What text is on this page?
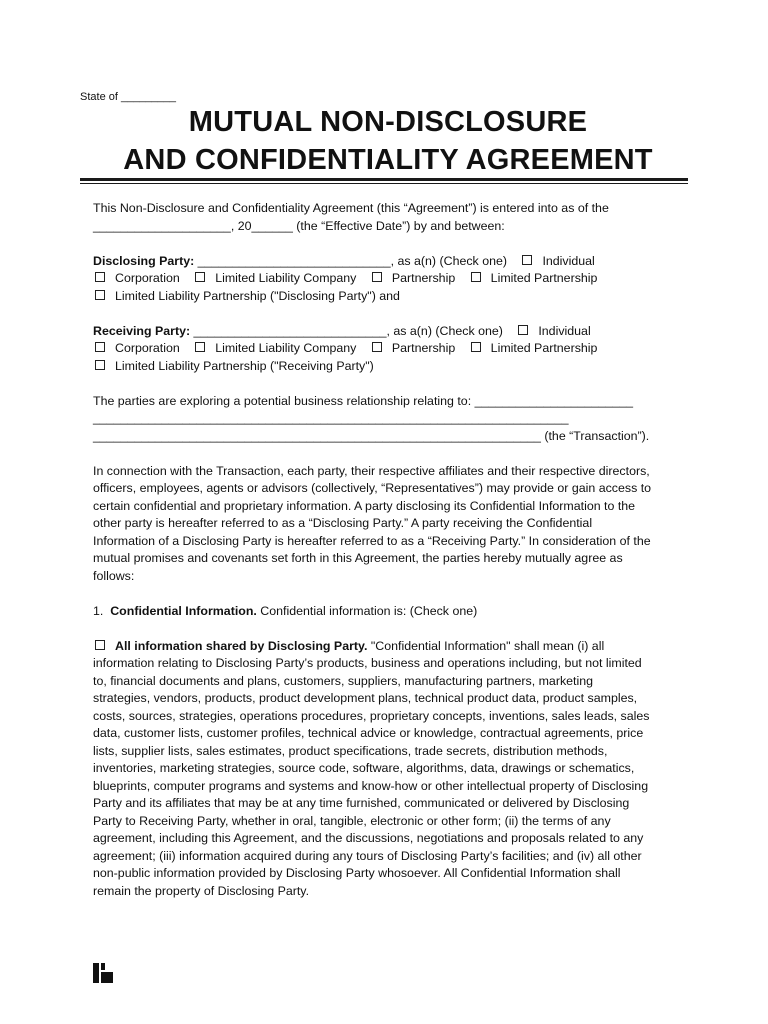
State of _________
MUTUAL NON-DISCLOSURE
AND CONFIDENTIALITY AGREEMENT
This Non-Disclosure and Confidentiality Agreement (this “Agreement”) is entered into as of the
____________________, 20______ (the “Effective Date”) by and between:
Disclosing Party: ____________________________, as a(n) (Check one)	Individual
Corporation	Limited Liability Company	Partnership	Limited Partnership
Limited Liability Partnership ("Disclosing Party") and
Receiving Party: ____________________________, as a(n) (Check one)	Individual
Corporation	Limited Liability Company	Partnership	Limited Partnership
Limited Liability Partnership ("Receiving Party")
The parties are exploring a potential business relationship relating to: _______________________
_____________________________________________________________________
_________________________________________________________________ (the “Transaction”).
In connection with the Transaction, each party, their respective affiliates and their respective directors,
officers, employees, agents or advisors (collectively, “Representatives”) may provide or gain access to
certain confidential and proprietary information. A party disclosing its Confidential Information to the
other party is hereafter referred to as a “Disclosing Party.” A party receiving the Confidential
Information of a Disclosing Party is hereafter referred to as a “Receiving Party.” In consideration of the
mutual promises and covenants set forth in this Agreement, the parties hereby mutually agree as
follows:
1. Confidential Information. Confidential information is: (Check one)
All information shared by Disclosing Party. "Confidential Information" shall mean (i) all
information relating to Disclosing Party’s products, business and operations including, but not limited
to, financial documents and plans, customers, suppliers, manufacturing partners, marketing
strategies, vendors, products, product development plans, technical product data, product samples,
costs, sources, strategies, operations procedures, proprietary concepts, inventions, sales leads, sales
data, customer lists, customer profiles, technical advice or knowledge, contractual agreements, price
lists, supplier lists, sales estimates, product specifications, trade secrets, distribution methods,
inventories, marketing strategies, source code, software, algorithms, data, drawings or schematics,
blueprints, computer programs and systems and know-how or other intellectual property of Disclosing
Party and its affiliates that may be at any time furnished, communicated or delivered by Disclosing
Party to Receiving Party, whether in oral, tangible, electronic or other form; (ii) the terms of any
agreement, including this Agreement, and the discussions, negotiations and proposals related to any
agreement; (iii) information acquired during any tours of Disclosing Party’s facilities; and (iv) all other
non-public information provided by Disclosing Party whosoever. All Confidential Information shall
remain the property of Disclosing Party.
